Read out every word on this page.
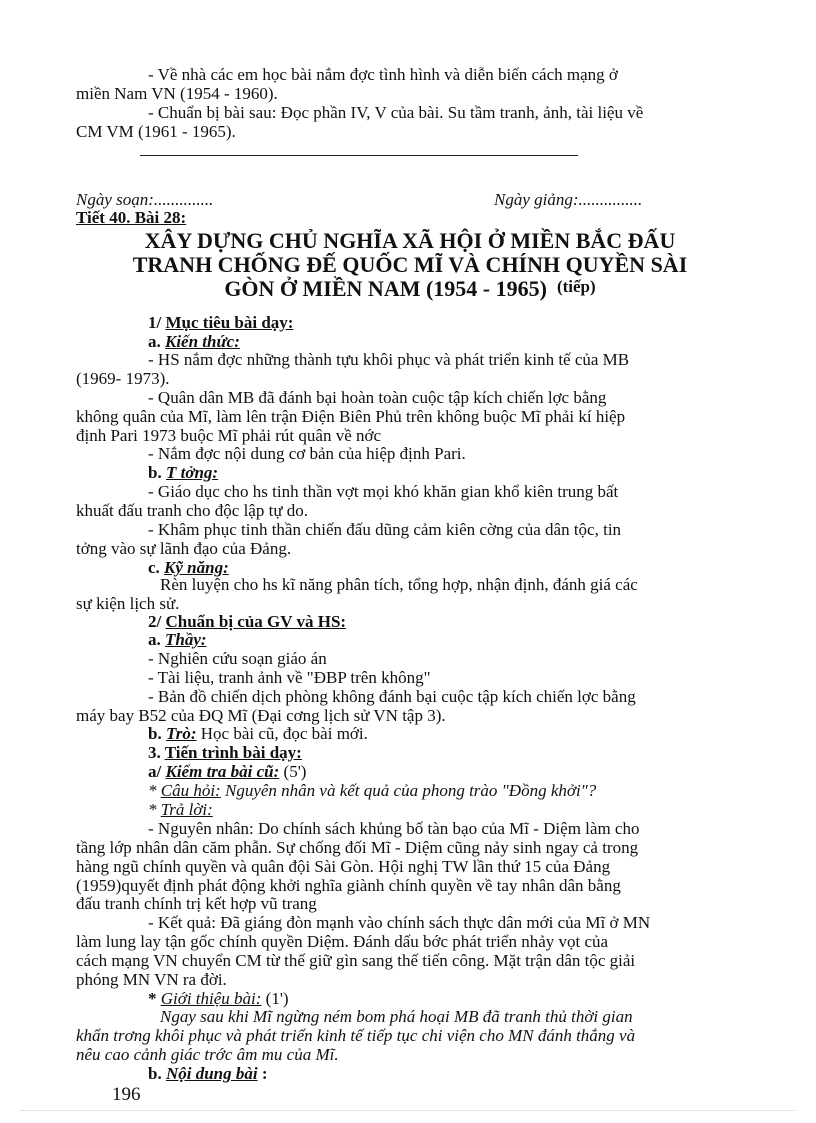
- Về nhà các em học bài nắm đợc tình hình và diễn biến cách mạng ở
miền Nam VN (1954 - 1960).
- Chuẩn bị bài sau: Đọc phần IV, V của bài. Su tầm tranh, ảnh, tài liệu về
CM VM (1961 - 1965).
Ngày soạn:..............	Ngày giảng:...............
Tiết 40. Bài 28:
XÂY DỰNG CHỦ NGHĨA XÃ HỘI Ở MIỀN BẮC ĐẤU
TRANH CHỐNG ĐẾ QUỐC MĨ VÀ CHÍNH QUYỀN SÀI
GÒN Ở MIỀN NAM (1954 - 1965) (tiếp)
1/ Mục tiêu bài dạy:
a. Kiến thức:
- HS nắm đợc những thành tựu khôi phục và phát triển kinh tế của MB
(1969- 1973).
- Quân dân MB đã đánh bại hoàn toàn cuộc tập kích chiến lợc bằng
không quân của Mĩ, làm lên trận Điện Biên Phủ trên không buộc Mĩ phải kí hiệp
định Pari 1973 buộc Mĩ phải rút quân về nớc
- Nắm đợc nội dung cơ bản của hiệp định Pari.
b. T tởng:
- Giáo dục cho hs tinh thần vợt mọi khó khăn gian khổ kiên trung bất
khuất đấu tranh cho độc lập tự do.
- Khâm phục tinh thần chiến đấu dũng cảm kiên cờng của dân tộc, tin
tởng vào sự lãnh đạo của Đảng.
c. Kỹ năng:
Rèn luyện cho hs kĩ năng phân tích, tổng hợp, nhận định, đánh giá các
sự kiện lịch sử.
2/ Chuẩn bị của GV và HS:
a. Thầy:
- Nghiên cứu soạn giáo án
- Tài liệu, tranh ảnh về "ĐBP trên không"
- Bản đồ chiến dịch phòng không đánh bại cuộc tập kích chiến lợc bằng
máy bay B52 của ĐQ Mĩ (Đại cơng lịch sử VN tập 3).
b. Trò: Học bài cũ, đọc bài mới.
3. Tiến trình bài dạy:
a/ Kiểm tra bài cũ: (5')
* Câu hỏi: Nguyên nhân và kết quả của phong trào "Đồng khởi"?
* Trả lời:
- Nguyên nhân: Do chính sách khủng bố tàn bạo của Mĩ - Diệm làm cho
tầng lớp nhân dân căm phẫn. Sự chống đối Mĩ - Diệm cũng nảy sinh ngay cả trong
hàng ngũ chính quyền và quân đội Sài Gòn. Hội nghị TW lần thứ 15 của Đảng
(1959)quyết định phát động khởi nghĩa giành chính quyền về tay nhân dân bằng
đấu tranh chính trị kết hợp vũ trang
- Kết quả: Đã giáng đòn mạnh vào chính sách thực dân mới của Mĩ ở MN
làm lung lay tận gốc chính quyền Diệm. Đánh dấu bớc phát triển nhảy vọt của
cách mạng VN chuyển CM từ thế giữ gìn sang thế tiến công. Mặt trận dân tộc giải
phóng MN VN ra đời.
* Giới thiệu bài: (1')
Ngay sau khi Mĩ ngừng ném bom phá hoại MB đã tranh thủ thời gian
khẩn trơng khôi phục và phát triển kinh tế tiếp tục chi viện cho MN đánh thắng và
nêu cao cảnh giác trớc âm mu của Mĩ.
b. Nội dung bài :
196
